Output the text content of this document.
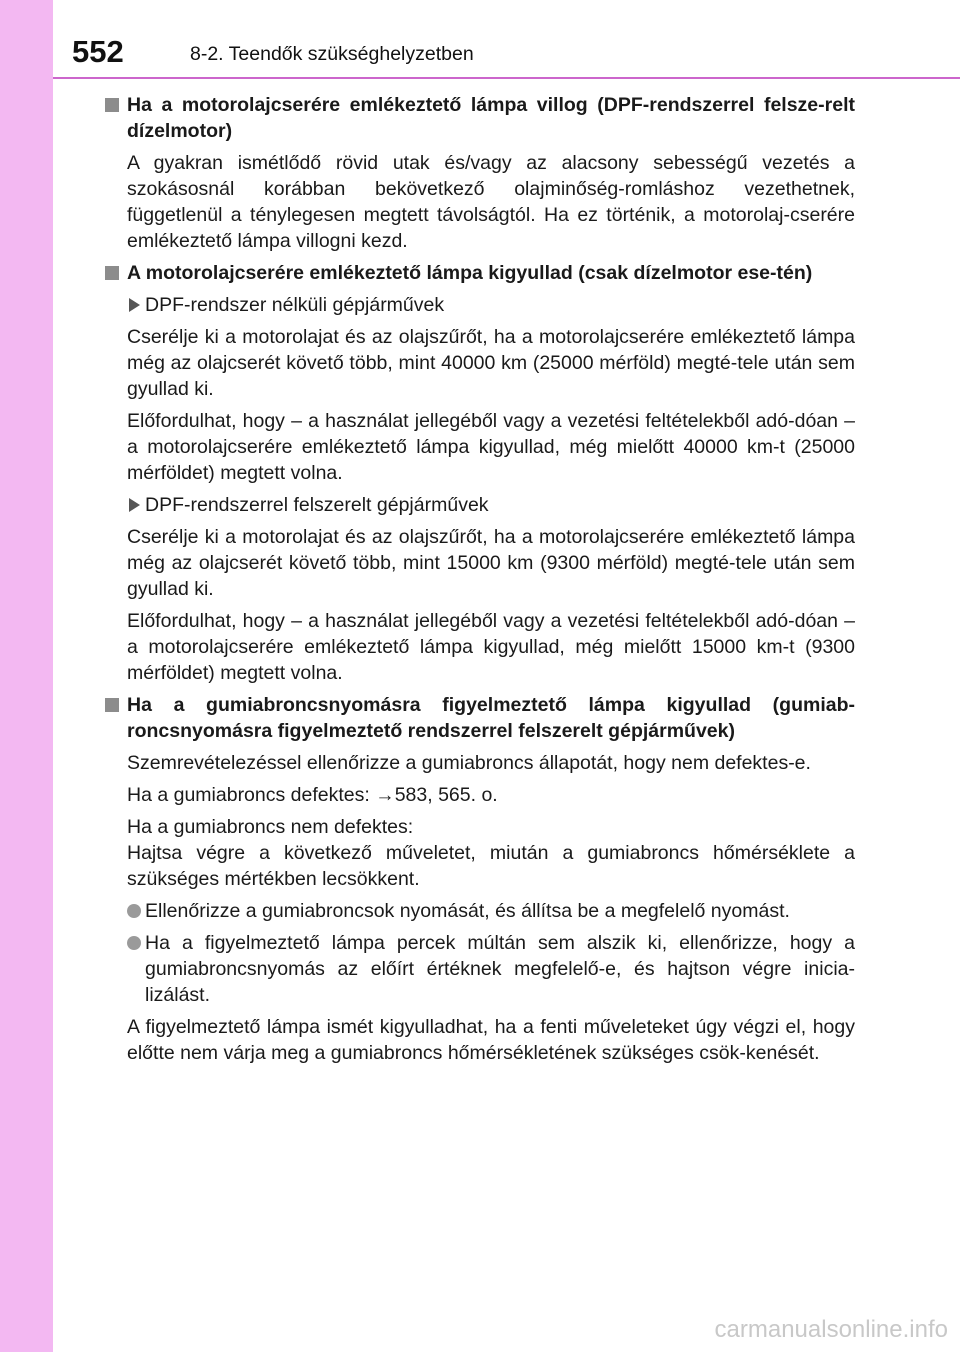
552	8-2. Teendők szükséghelyzetben
Ha a motorolajcserére emlékeztető lámpa villog (DPF-rendszerrel felsze-relt dízelmotor)
A gyakran ismétlődő rövid utak és/vagy az alacsony sebességű vezetés a szokásosnál korábban bekövetkező olajminőség-romláshoz vezethetnek, függetlenül a ténylegesen megtett távolságtól. Ha ez történik, a motorolaj-cserére emlékeztető lámpa villogni kezd.
A motorolajcserére emlékeztető lámpa kigyullad (csak dízelmotor ese-tén)
DPF-rendszer nélküli gépjárművek
Cserélje ki a motorolajat és az olajszűrőt, ha a motorolajcserére emlékeztető lámpa még az olajcserét követő több, mint 40000 km (25000 mérföld) megté-tele után sem gyullad ki.
Előfordulhat, hogy – a használat jellegéből vagy a vezetési feltételekből adó-dóan – a motorolajcserére emlékeztető lámpa kigyullad, még mielőtt 40000 km-t (25000 mérföldet) megtett volna.
DPF-rendszerrel felszerelt gépjárművek
Cserélje ki a motorolajat és az olajszűrőt, ha a motorolajcserére emlékeztető lámpa még az olajcserét követő több, mint 15000 km (9300 mérföld) megté-tele után sem gyullad ki.
Előfordulhat, hogy – a használat jellegéből vagy a vezetési feltételekből adó-dóan – a motorolajcserére emlékeztető lámpa kigyullad, még mielőtt 15000 km-t (9300 mérföldet) megtett volna.
Ha a gumiabroncsnyomásra figyelmeztető lámpa kigyullad (gumiab-roncsnyomásra figyelmeztető rendszerrel felszerelt gépjárművek)
Szemrevételezéssel ellenőrizze a gumiabroncs állapotát, hogy nem defektes-e.
Ha a gumiabroncs defektes: →583, 565. o.
Ha a gumiabroncs nem defektes:
Hajtsa végre a következő műveletet, miután a gumiabroncs hőmérséklete a szükséges mértékben lecsökkent.
Ellenőrizze a gumiabroncsok nyomását, és állítsa be a megfelelő nyomást.
Ha a figyelmeztető lámpa percek múltán sem alszik ki, ellenőrizze, hogy a gumiabroncsnyomás az előírt értéknek megfelelő-e, és hajtson végre inicia-lizálást.
A figyelmeztető lámpa ismét kigyulladhat, ha a fenti műveleteket úgy végzi el, hogy előtte nem várja meg a gumiabroncs hőmérsékletének szükséges csök-kenését.
carmanualsonline.info
